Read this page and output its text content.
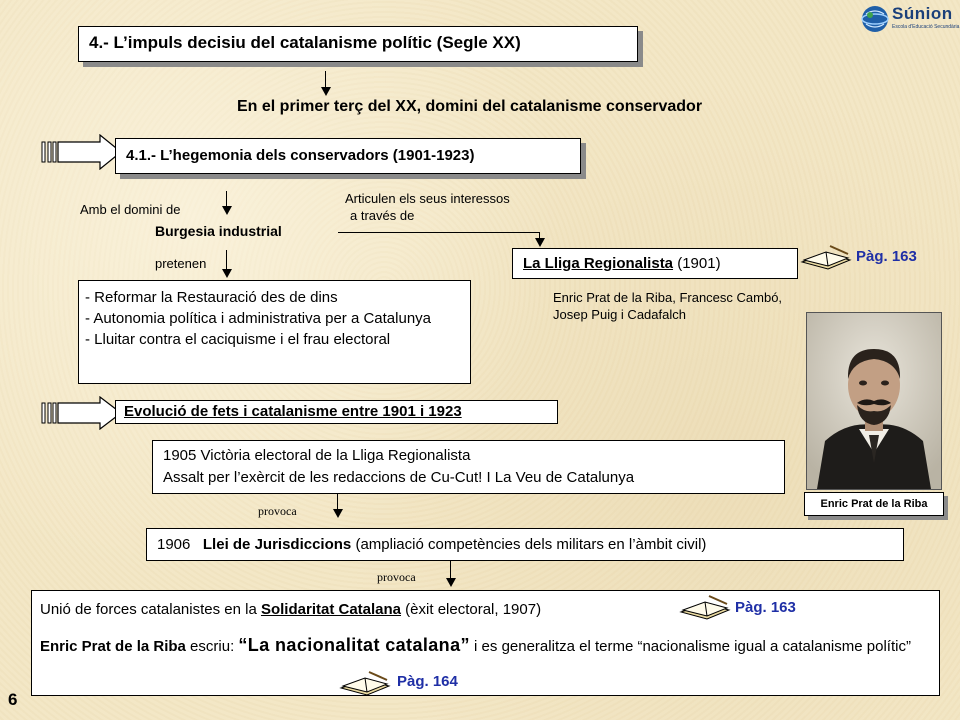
Súnion
Escola d'Educació Secundària
4.- L’impuls decisiu del catalanisme polític (Segle XX)
En el primer terç del XX, domini del catalanisme conservador
4.1.- L’hegemonia dels conservadors (1901-1923)
Amb el domini de
Burgesia industrial
Articulen els seus interessos
a través de
pretenen
- Reformar la Restauració des de dins
- Autonomia política i administrativa per a Catalunya
- Lluitar contra el caciquisme i el frau electoral
La Lliga Regionalista (1901)	Pàg. 163
Enric Prat de la Riba, Francesc Cambó,
Josep Puig i Cadafalch
Enric Prat de la Riba
Evolució de fets i catalanisme entre 1901 i 1923
1905 Victòria electoral de la Lliga Regionalista
Assalt per l’exèrcit de les redaccions de Cu-Cut! I La Veu de Catalunya
provoca
1906 Llei de Jurisdiccions (ampliació competències dels militars en l’àmbit civil)
provoca
Unió de forces catalanistes en la Solidaritat Catalana (èxit electoral, 1907)
Enric Prat de la Riba escriu: “La nacionalitat catalana” i es generalitza el terme “nacionalisme igual a catalanisme polític”
Pàg. 163
Pàg. 164
6
